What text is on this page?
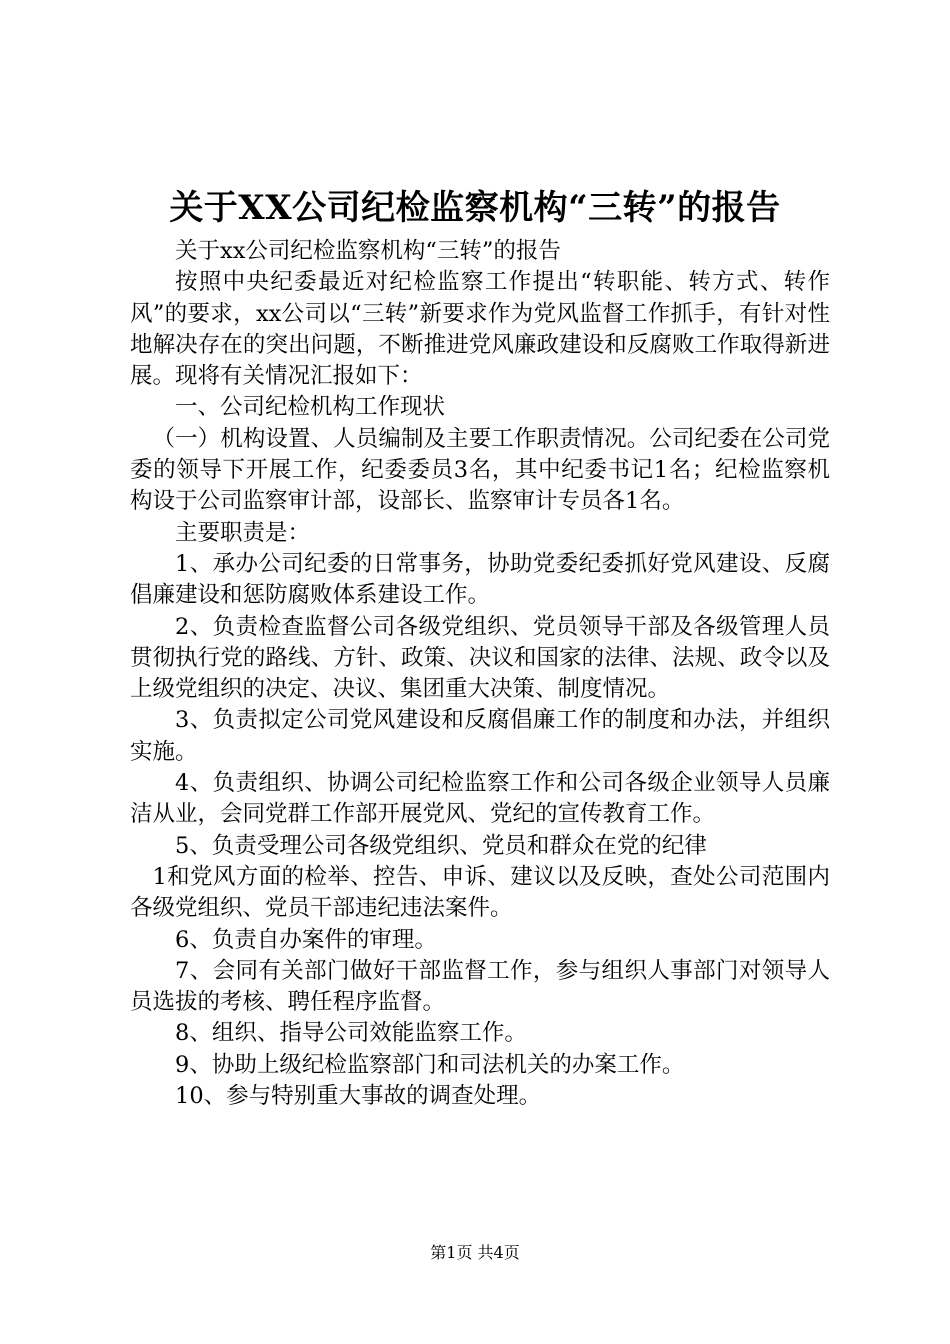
关于XX公司纪检监察机构“三转”的报告

关于xx公司纪检监察机构“三转”的报告

按照中央纪委最近对纪检监察工作提出“转职能、转方式、转作风”的要求，xx公司以“三转”新要求作为党风监督工作抓手，有针对性地解决存在的突出问题，不断推进党风廉政建设和反腐败工作取得新进展。现将有关情况汇报如下：

一、公司纪检机构工作现状

（一）机构设置、人员编制及主要工作职责情况。公司纪委在公司党委的领导下开展工作，纪委委员3名，其中纪委书记1名；纪检监察机构设于公司监察审计部，设部长、监察审计专员各1名。

主要职责是：

1、承办公司纪委的日常事务，协助党委纪委抓好党风建设、反腐倡廉建设和惩防腐败体系建设工作。

2、负责检查监督公司各级党组织、党员领导干部及各级管理人员贯彻执行党的路线、方针、政策、决议和国家的法律、法规、政令以及上级党组织的决定、决议、集团重大决策、制度情况。

3、负责拟定公司党风建设和反腐倡廉工作的制度和办法，并组织实施。

4、负责组织、协调公司纪检监察工作和公司各级企业领导人员廉洁从业，会同党群工作部开展党风、党纪的宣传教育工作。

5、负责受理公司各级党组织、党员和群众在党的纪律

1和党风方面的检举、控告、申诉、建议以及反映，查处公司范围内各级党组织、党员干部违纪违法案件。

6、负责自办案件的审理。

7、会同有关部门做好干部监督工作，参与组织人事部门对领导人员选拔的考核、聘任程序监督。

8、组织、指导公司效能监察工作。

9、协助上级纪检监察部门和司法机关的办案工作。

10、参与特别重大事故的调查处理。

第1页 共4页
